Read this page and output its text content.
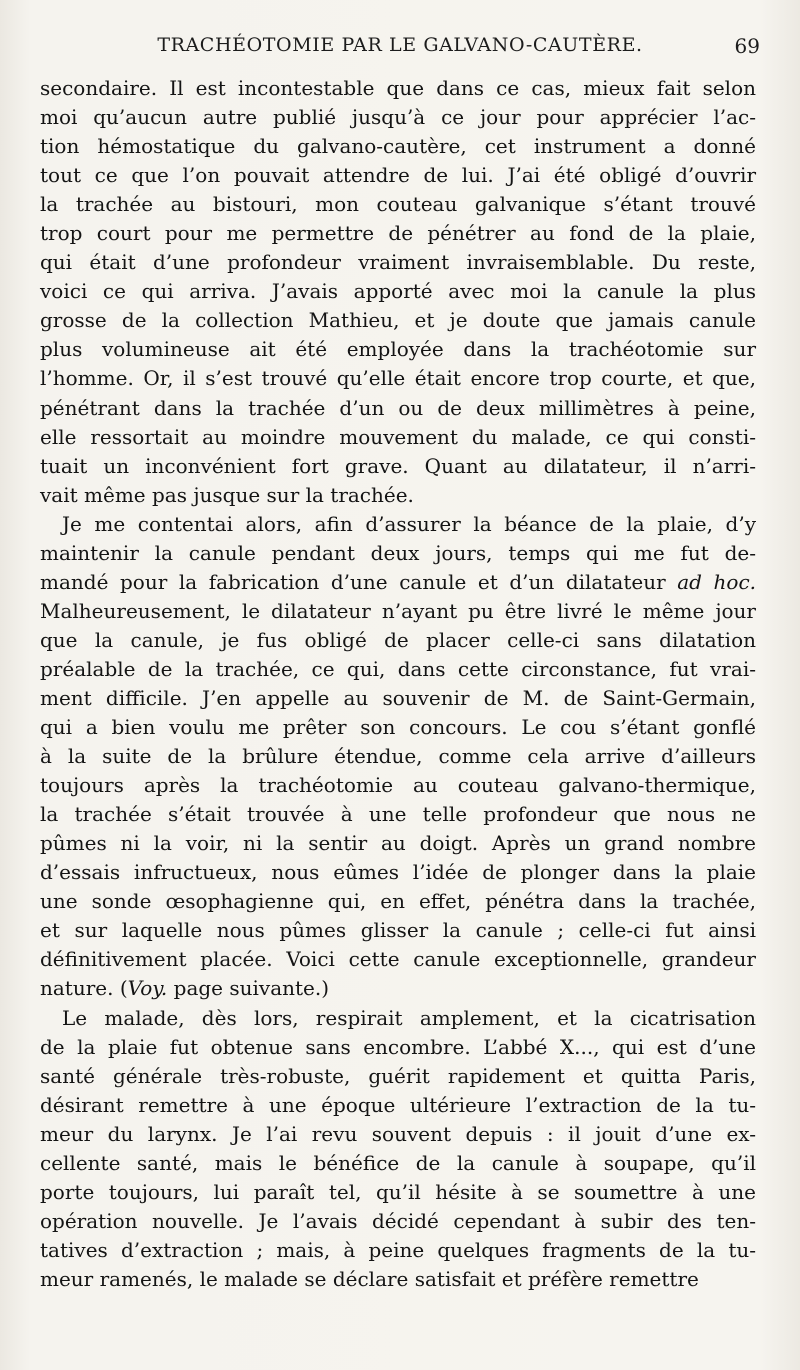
TRACHÉOTOMIE PAR LE GALVANO-CAUTÈRE.	69
secondaire. Il est incontestable que dans ce cas, mieux fait selon
moi qu’aucun autre publié jusqu’à ce jour pour apprécier l’ac-
tion hémostatique du galvano-cautère, cet instrument a donné
tout ce que l’on pouvait attendre de lui. J’ai été obligé d’ouvrir
la trachée au bistouri, mon couteau galvanique s’étant trouvé
trop court pour me permettre de pénétrer au fond de la plaie,
qui était d’une profondeur vraiment invraisemblable. Du reste,
voici ce qui arriva. J’avais apporté avec moi la canule la plus
grosse de la collection Mathieu, et je doute que jamais canule
plus volumineuse ait été employée dans la trachéotomie sur
l’homme. Or, il s’est trouvé qu’elle était encore trop courte, et que,
pénétrant dans la trachée d’un ou de deux millimètres à peine,
elle ressortait au moindre mouvement du malade, ce qui consti-
tuait un inconvénient fort grave. Quant au dilatateur, il n’arri-
vait même pas jusque sur la trachée.
Je me contentai alors, afin d’assurer la béance de la plaie, d’y
maintenir la canule pendant deux jours, temps qui me fut de-
mandé pour la fabrication d’une canule et d’un dilatateur ad hoc.
Malheureusement, le dilatateur n’ayant pu être livré le même jour
que la canule, je fus obligé de placer celle-ci sans dilatation
préalable de la trachée, ce qui, dans cette circonstance, fut vrai-
ment difficile. J’en appelle au souvenir de M. de Saint-Germain,
qui a bien voulu me prêter son concours. Le cou s’étant gonflé
à la suite de la brûlure étendue, comme cela arrive d’ailleurs
toujours après la trachéotomie au couteau galvano-thermique,
la trachée s’était trouvée à une telle profondeur que nous ne
pûmes ni la voir, ni la sentir au doigt. Après un grand nombre
d’essais infructueux, nous eûmes l’idée de plonger dans la plaie
une sonde œsophagienne qui, en effet, pénétra dans la trachée,
et sur laquelle nous pûmes glisser la canule ; celle-ci fut ainsi
définitivement placée. Voici cette canule exceptionnelle, grandeur
nature. (Voy. page suivante.)
Le malade, dès lors, respirait amplement, et la cicatrisation
de la plaie fut obtenue sans encombre. L’abbé X..., qui est d’une
santé générale très-robuste, guérit rapidement et quitta Paris,
désirant remettre à une époque ultérieure l’extraction de la tu-
meur du larynx. Je l’ai revu souvent depuis : il jouit d’une ex-
cellente santé, mais le bénéfice de la canule à soupape, qu’il
porte toujours, lui paraît tel, qu’il hésite à se soumettre à une
opération nouvelle. Je l’avais décidé cependant à subir des ten-
tatives d’extraction ; mais, à peine quelques fragments de la tu-
meur ramenés, le malade se déclare satisfait et préfère remettre
